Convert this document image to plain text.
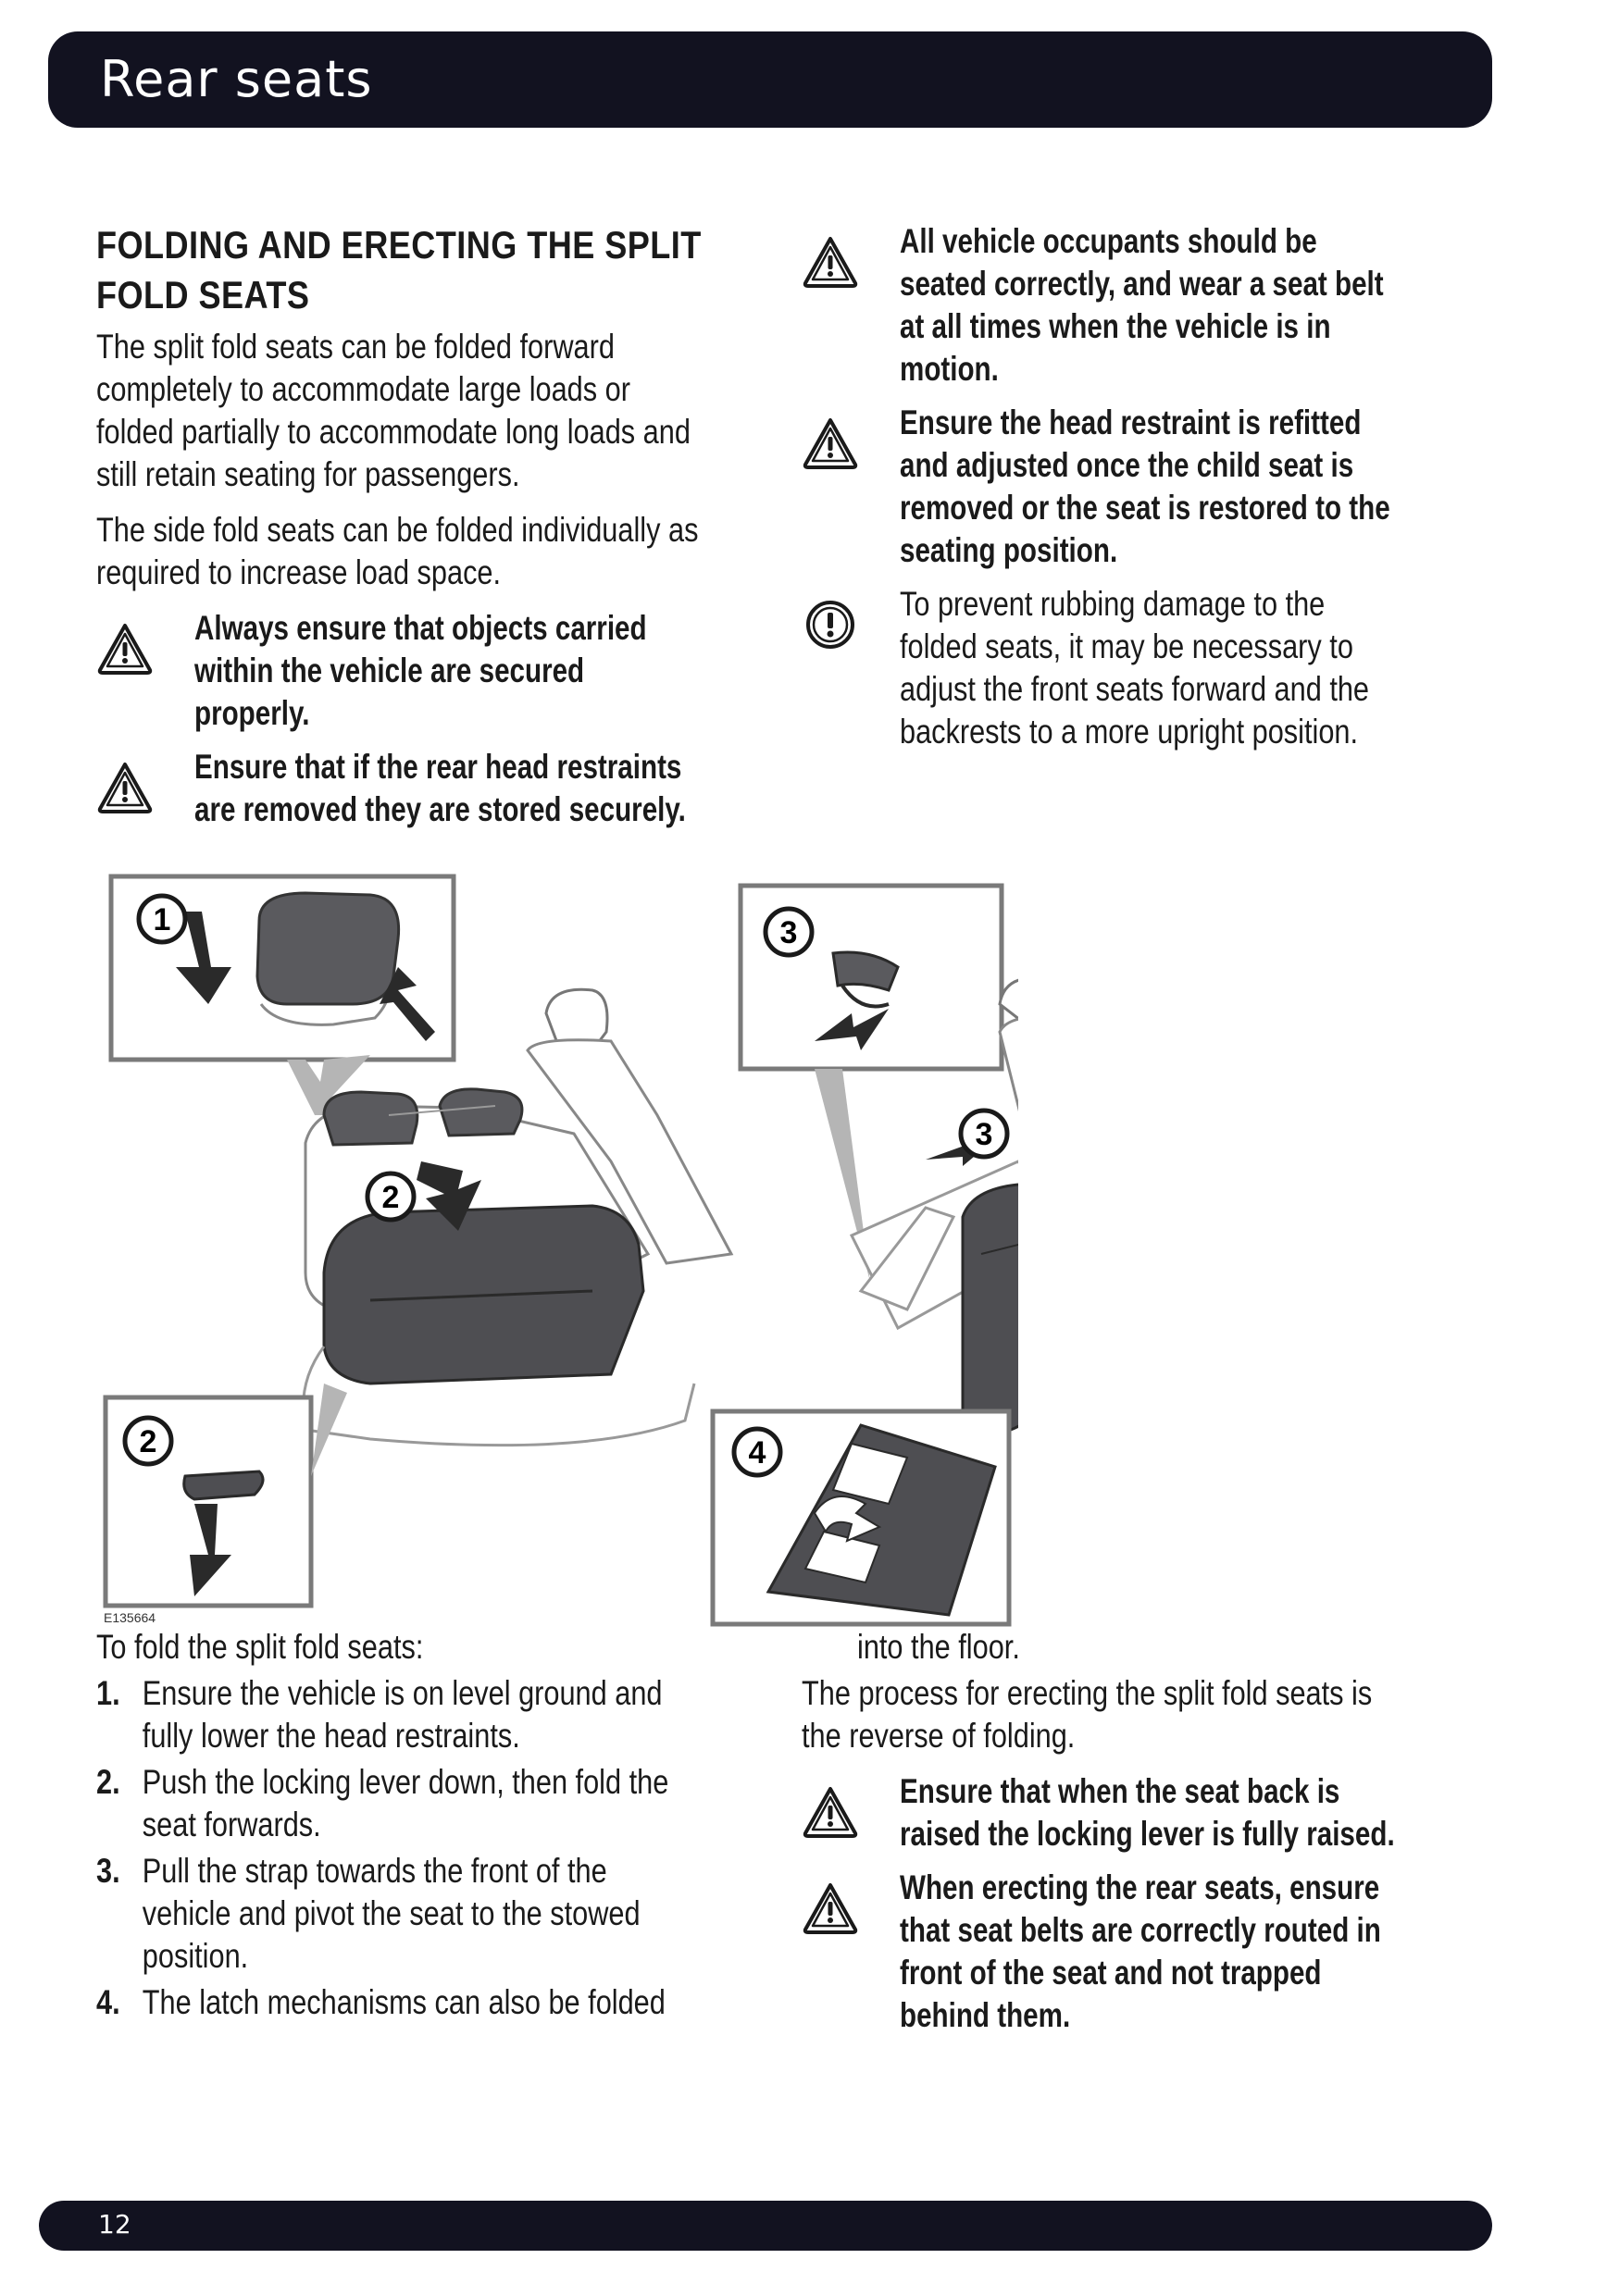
Rear seats
FOLDING AND ERECTING THE SPLIT
FOLD SEATS
The split fold seats can be folded forward
completely to accommodate large loads or
folded partially to accommodate long loads and
still retain seating for passengers.
The side fold seats can be folded individually as
required to increase load space.
Always ensure that objects carried
within the vehicle are secured
properly.
Ensure that if the rear head restraints
are removed they are stored securely.
All vehicle occupants should be
seated correctly, and wear a seat belt
at all times when the vehicle is in
motion.
Ensure the head restraint is refitted
and adjusted once the child seat is
removed or the seat is restored to the
seating position.
To prevent rubbing damage to the
folded seats, it may be necessary to
adjust the front seats forward and the
backrests to a more upright position.
1
2
2
3
3
4
E135664
To fold the split fold seats:
1. Ensure the vehicle is on level ground and
fully lower the head restraints.
2. Push the locking lever down, then fold the
seat forwards.
3. Pull the strap towards the front of the
vehicle and pivot the seat to the stowed
position.
4. The latch mechanisms can also be folded
into the floor.
The process for erecting the split fold seats is
the reverse of folding.
Ensure that when the seat back is
raised the locking lever is fully raised.
When erecting the rear seats, ensure
that seat belts are correctly routed in
front of the seat and not trapped
behind them.
12
